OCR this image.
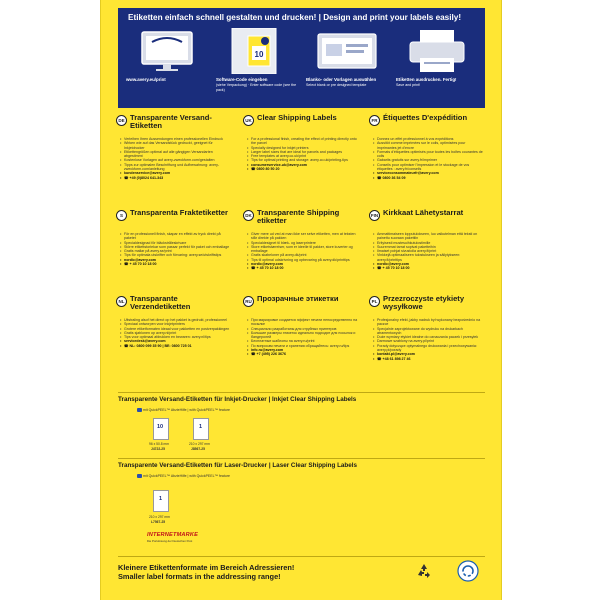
Etiketten einfach schnell gestalten und drucken! | Design and print your labels easily!
www.avery.eu/print
10
Software-Code eingeben
(siehe Verpackung) · Enter software code (see the pack)
Blanko- oder Vorlagen auswählen
Select blank or pre designed template
Etiketten ausdrucken. Fertig!
Save and print!
DE Transparente Versand-Etiketten
• Verleihen Ihren Aussendungen einen professionellen Eindruck
• Wirken wie auf das Versandstück gedruckt, geeignet für Inkjetdrucker
• Etikettengrößen optimal auf alle gängigen Versandarten abgestimmt
• Kostenlose Vorlagen auf avery-zweckform.com/gestalten
• Tipps zur optimalen Beschriftung und Aufbewahrung: avery-zweckform.com/anleitung
• kundenservice@avery.com
• ☎ +49 (0)8024 641-343
UK Clear Shipping Labels
• For a professional finish, creating the effect of printing directly onto the parcel
• Specially designed for inkjet printers
• Larger label sizes that are ideal for parcels and packages
• Free templates at avery.co.uk/print
• Tips for optimal printing and storage: avery.co.uk/printing-tips
• consumerservice-uk@avery.com
• ☎ 0800 80 50 20
FR Étiquettes D'expédition
• Donnez un effet professionnel à vos expéditions
• Aussitôt comme imprimées sur le colis, optimisées pour imprimantes jet d'encre
• Formats d'étiquettes optimisés pour toutes les boîtes courantes de colis
• Gabarits gratuits sur avery.fr/imprimer
• Conseils pour optimiser l'impression et le stockage de vos étiquettes : avery.fr/conseils
• serviceconsommateurfr@avery.com
• ☎ 0800 36 54 09
S Transparenta Fraktetiketter
• För en professionell finish, skapar en effekt av tryck direkt på paketet
• Specialdesignad för bläckstråleskrivare
• Större etikettstorlekar som passar perfekt för paket och emballage
• Gratis mallar på avery.se/print
• Tips för optimala utskrifter och förvaring: avery.se/utskriftstips
• nordic@avery.com
• ☎ + 45 70 10 18 00
DK Transparente Shipping etiketter
• Giver mere ud ved at man ikke ser selve etiketten, men at teksten står direkte på pakken
• Specialdesignet til blæk- og laserprintere
• Store etiketstørrelser, som er ideelle til pakker, store kuverter og emballage
• Gratis skabeloner på avery.dk/print
• Tips til optimal udskrivning og opbevaring på avery.dk/printtips
• nordic@avery.com
• ☎ + 45 70 10 18 00
FIN Kirkkaat Lähetystarrat
• Ammattimaiseen lopputulokseen, luo vaikutelman että teksti on painettu suoraan pakettiin
• Erityisesti mustesuihkutulostimille
• Suuremmat tarrat sopivat paketteihin
• Ilmaiset pohjat sivustolla avery.fi/print
• Vinkkejä optimaaliseen tulostukseen ja säilytykseen: avery.fi/printtips
• nordic@avery.com
• ☎ + 45 70 10 18 00
NL Transparante Verzendetiketten
• Uitstraling alsof het direct op het pakket is gedrukt, professioneel
• Speciaal ontworpen voor inkjetprinters
• Grotere etiketformaten ideaal voor pakketten en postverpakkingen
• Gratis sjablonen op avery.nl/print
• Tips voor optimaal afdrukken en bewaren: avery.nl/tips
• servicedesk@avery.com
• ☎ NL: 0800 099 35 90 | BE: 0800 725 01
RU Прозрачные этикетки
• При маркировке создается эффект печати непосредственно на посылке
• Специально разработаны для струйных принтеров
• Большие размеры этикеток идеально подходят для посылок и бандеролей
• Бесплатные шаблоны на avery.ru/print
• По вопросам печати и хранения обращайтесь: avery.ru/tips
• info.ru@avery.com
• ☎ +7 (495) 226 3676
PL Przezroczyste etykiety wysyłkowe
• Profesjonalny efekt, jakby nadruk był wykonany bezpośrednio na paczce
• Specjalnie zaprojektowane do wydruku na drukarkach atramentowych
• Duże wymiary etykiet idealne do oznaczania paczek i przesyłek
• Darmowe szablony na avery.pl/print
• Porady dotyczące optymalnego drukowania i przechowywania: avery.pl/porady
• kontakt.pl@avery.com
• ☎ +48 61 898 27 46
Transparente Versand-Etiketten für Inkjet-Drucker | Inkjet Clear Shipping Labels
mit QuickPEEL™ AbzieHilfe | with QuickPEEL™ feature
10
96 x 50.8 mm
J4722-25
1
210 x 297 mm
J8567-25
Transparente Versand-Etiketten für Laser-Drucker | Laser Clear Shipping Labels
mit QuickPEEL™ AbzieHilfe | with QuickPEEL™ feature
1
210 x 297 mm
L7567-25
INTERNETMARKE
Die Portolösung der Deutschen Post
Kleinere Etikettenformate im Bereich Adressieren!
Smaller label formats in the addressing range!
